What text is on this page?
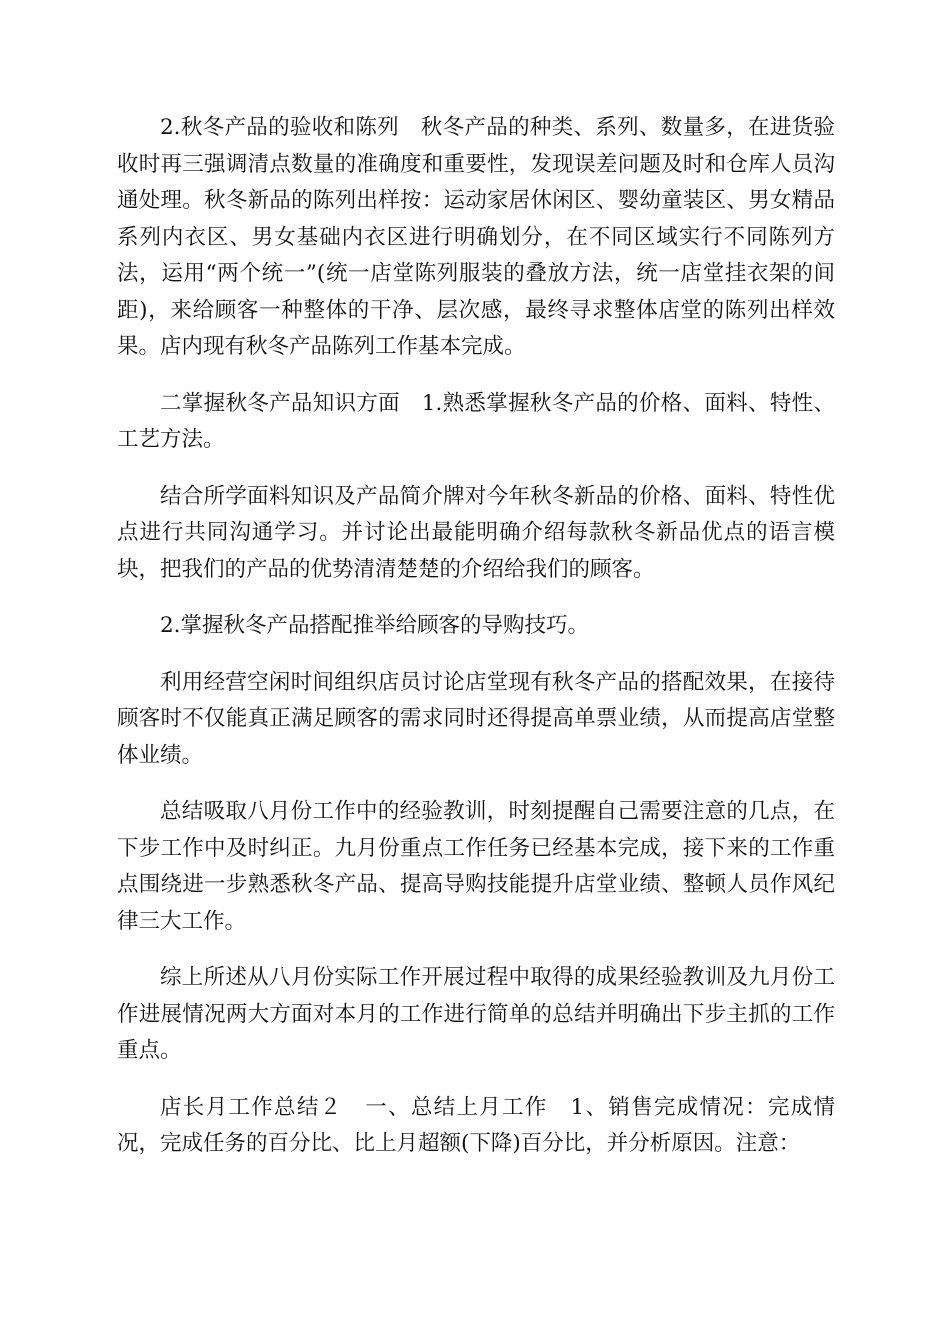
2.秋冬产品的验收和陈列　秋冬产品的种类、系列、数量多，在进货验收时再三强调清点数量的准确度和重要性，发现误差问题及时和仓库人员沟通处理。秋冬新品的陈列出样按：运动家居休闲区、婴幼童装区、男女精品系列内衣区、男女基础内衣区进行明确划分，在不同区域实行不同陈列方法，运用“两个统一”(统一店堂陈列服装的叠放方法，统一店堂挂衣架的间距)，来给顾客一种整体的干净、层次感，最终寻求整体店堂的陈列出样效果。店内现有秋冬产品陈列工作基本完成。

二掌握秋冬产品知识方面　1.熟悉掌握秋冬产品的价格、面料、特性、工艺方法。

结合所学面料知识及产品简介牌对今年秋冬新品的价格、面料、特性优点进行共同沟通学习。并讨论出最能明确介绍每款秋冬新品优点的语言模块，把我们的产品的优势清清楚楚的介绍给我们的顾客。

2.掌握秋冬产品搭配推举给顾客的导购技巧。

利用经营空闲时间组织店员讨论店堂现有秋冬产品的搭配效果，在接待顾客时不仅能真正满足顾客的需求同时还得提高单票业绩，从而提高店堂整体业绩。

总结吸取八月份工作中的经验教训，时刻提醒自己需要注意的几点，在下步工作中及时纠正。九月份重点工作任务已经基本完成，接下来的工作重点围绕进一步熟悉秋冬产品、提高导购技能提升店堂业绩、整顿人员作风纪律三大工作。

综上所述从八月份实际工作开展过程中取得的成果经验教训及九月份工作进展情况两大方面对本月的工作进行简单的总结并明确出下步主抓的工作重点。

店长月工作总结２　一、总结上月工作　1、销售完成情况：完成情况，完成任务的百分比、比上月超额(下降)百分比，并分析原因。注意：
